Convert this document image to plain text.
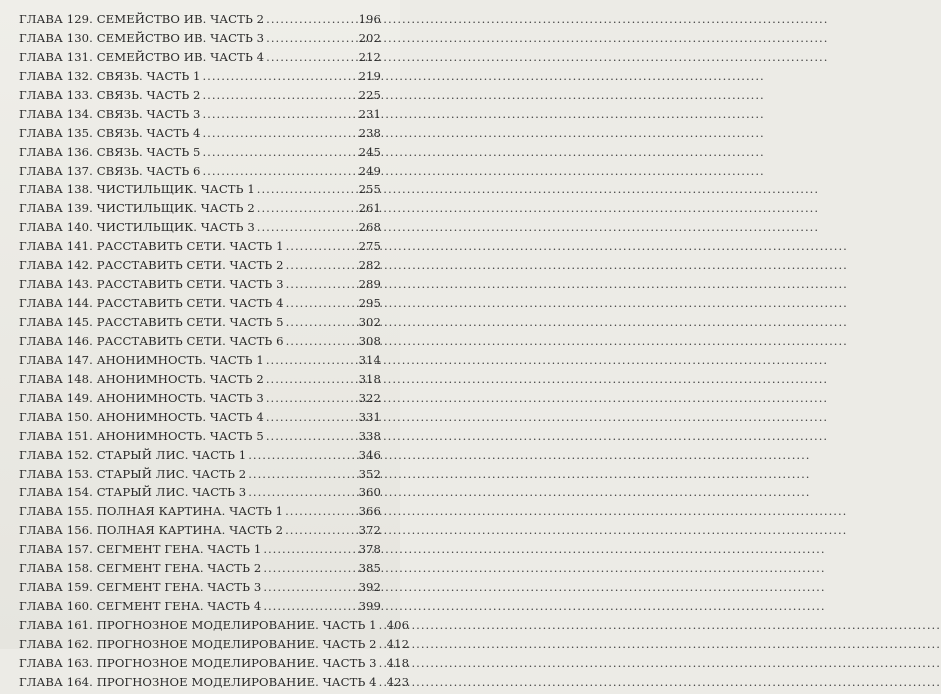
ГЛАВА 129. СЕМЕЙСТВО ИВ. ЧАСТЬ 2 .....	196
ГЛАВА 130. СЕМЕЙСТВО ИВ. ЧАСТЬ 3 .....	202
ГЛАВА 131. СЕМЕЙСТВО ИВ. ЧАСТЬ 4 .....	212
ГЛАВА 132. СВЯЗЬ. ЧАСТЬ 1 .....	219
ГЛАВА 133. СВЯЗЬ. ЧАСТЬ 2 .....	225
ГЛАВА 134. СВЯЗЬ. ЧАСТЬ 3 .....	231
ГЛАВА 135. СВЯЗЬ. ЧАСТЬ 4 .....	238
ГЛАВА 136. СВЯЗЬ. ЧАСТЬ 5 .....	245
ГЛАВА 137. СВЯЗЬ. ЧАСТЬ 6 .....	249
ГЛАВА 138. ЧИСТИЛЬЩИК. ЧАСТЬ 1 .....	255
ГЛАВА 139. ЧИСТИЛЬЩИК. ЧАСТЬ 2 .....	261
ГЛАВА 140. ЧИСТИЛЬЩИК. ЧАСТЬ 3 .....	268
ГЛАВА 141. РАССТАВИТЬ СЕТИ. ЧАСТЬ 1 .....	275
ГЛАВА 142. РАССТАВИТЬ СЕТИ. ЧАСТЬ 2 .....	282
ГЛАВА 143. РАССТАВИТЬ СЕТИ. ЧАСТЬ 3 .....	289
ГЛАВА 144. РАССТАВИТЬ СЕТИ. ЧАСТЬ 4 .....	295
ГЛАВА 145. РАССТАВИТЬ СЕТИ. ЧАСТЬ 5 .....	302
ГЛАВА 146. РАССТАВИТЬ СЕТИ. ЧАСТЬ 6 .....	308
ГЛАВА 147. АНОНИМНОСТЬ. ЧАСТЬ 1 .....	314
ГЛАВА 148. АНОНИМНОСТЬ. ЧАСТЬ 2 .....	318
ГЛАВА 149. АНОНИМНОСТЬ. ЧАСТЬ 3 .....	322
ГЛАВА 150. АНОНИМНОСТЬ. ЧАСТЬ 4 .....	331
ГЛАВА 151. АНОНИМНОСТЬ. ЧАСТЬ 5 .....	338
ГЛАВА 152. СТАРЫЙ ЛИС. ЧАСТЬ 1 .....	346
ГЛАВА 153. СТАРЫЙ ЛИС. ЧАСТЬ 2 .....	352
ГЛАВА 154. СТАРЫЙ ЛИС. ЧАСТЬ 3 .....	360
ГЛАВА 155. ПОЛНАЯ КАРТИНА. ЧАСТЬ 1 .....	366
ГЛАВА 156. ПОЛНАЯ КАРТИНА. ЧАСТЬ 2 .....	372
ГЛАВА 157. СЕГМЕНТ ГЕНА. ЧАСТЬ 1 .....	378
ГЛАВА 158. СЕГМЕНТ ГЕНА. ЧАСТЬ 2 .....	385
ГЛАВА 159. СЕГМЕНТ ГЕНА. ЧАСТЬ 3 .....	392
ГЛАВА 160. СЕГМЕНТ ГЕНА. ЧАСТЬ 4 .....	399
ГЛАВА 161. ПРОГНОЗНОЕ МОДЕЛИРОВАНИЕ. ЧАСТЬ 1 ..... 406
ГЛАВА 162. ПРОГНОЗНОЕ МОДЕЛИРОВАНИЕ. ЧАСТЬ 2 ..... 412
ГЛАВА 163. ПРОГНОЗНОЕ МОДЕЛИРОВАНИЕ. ЧАСТЬ 3 ..... 418
ГЛАВА 164. ПРОГНОЗНОЕ МОДЕЛИРОВАНИЕ. ЧАСТЬ 4 ..... 423
